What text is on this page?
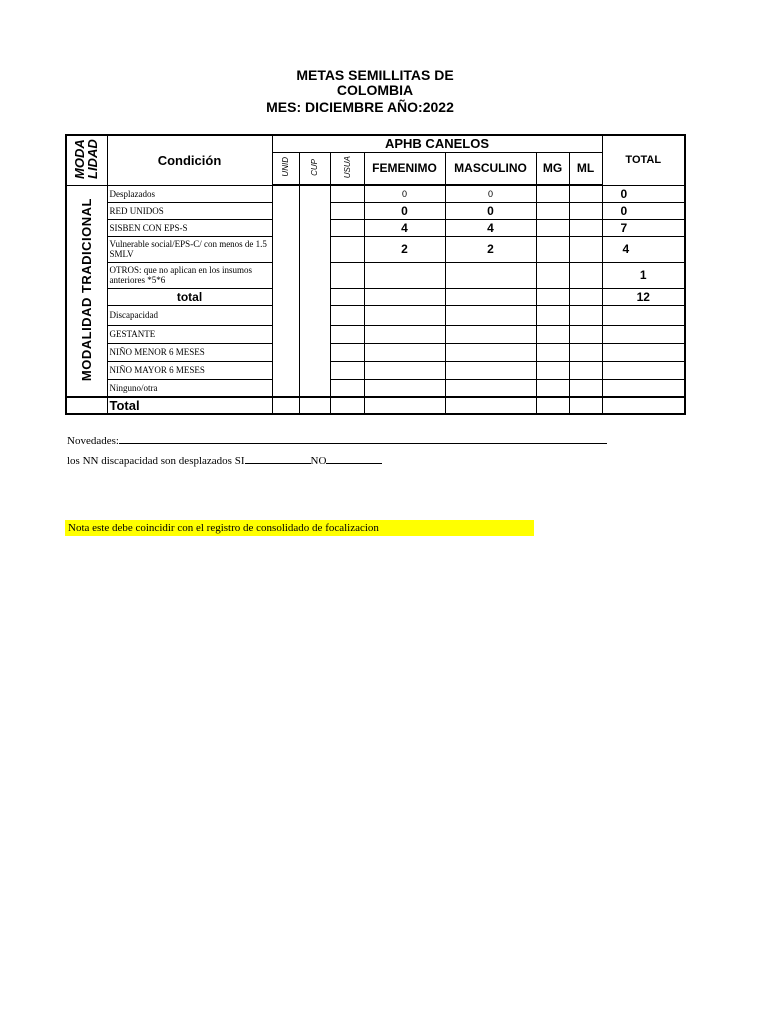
METAS SEMILLITAS DE
COLOMBIA
MES: DICIEMBRE AÑO:2022
MODA LIDAD	Condición	APHB CANELOS							TOTAL
		UNID	CUP	USUA	FEMENIMO	MASCULINO	MG	ML	
MODALIDAD TRADICIONAL	Desplazados				0	0			0
	RED UNIDOS				0	0			0
	SISBEN CON EPS-S				4	4			7
	Vulnerable social/EPS-C/ con menos de 1.5 SMLV				2	2			4
	OTROS: que no aplican en los insumos anteriores *5*6								1
	total								12
	Discapacidad								
	GESTANTE								
	NIÑO MENOR 6 MESES								
	NIÑO MAYOR 6 MESES								
	Ninguno/otra								
	Total								
Novedades:
los NN discapacidad son desplazados SI	NO
Nota este debe coincidir con el registro de consolidado de focalizacion
